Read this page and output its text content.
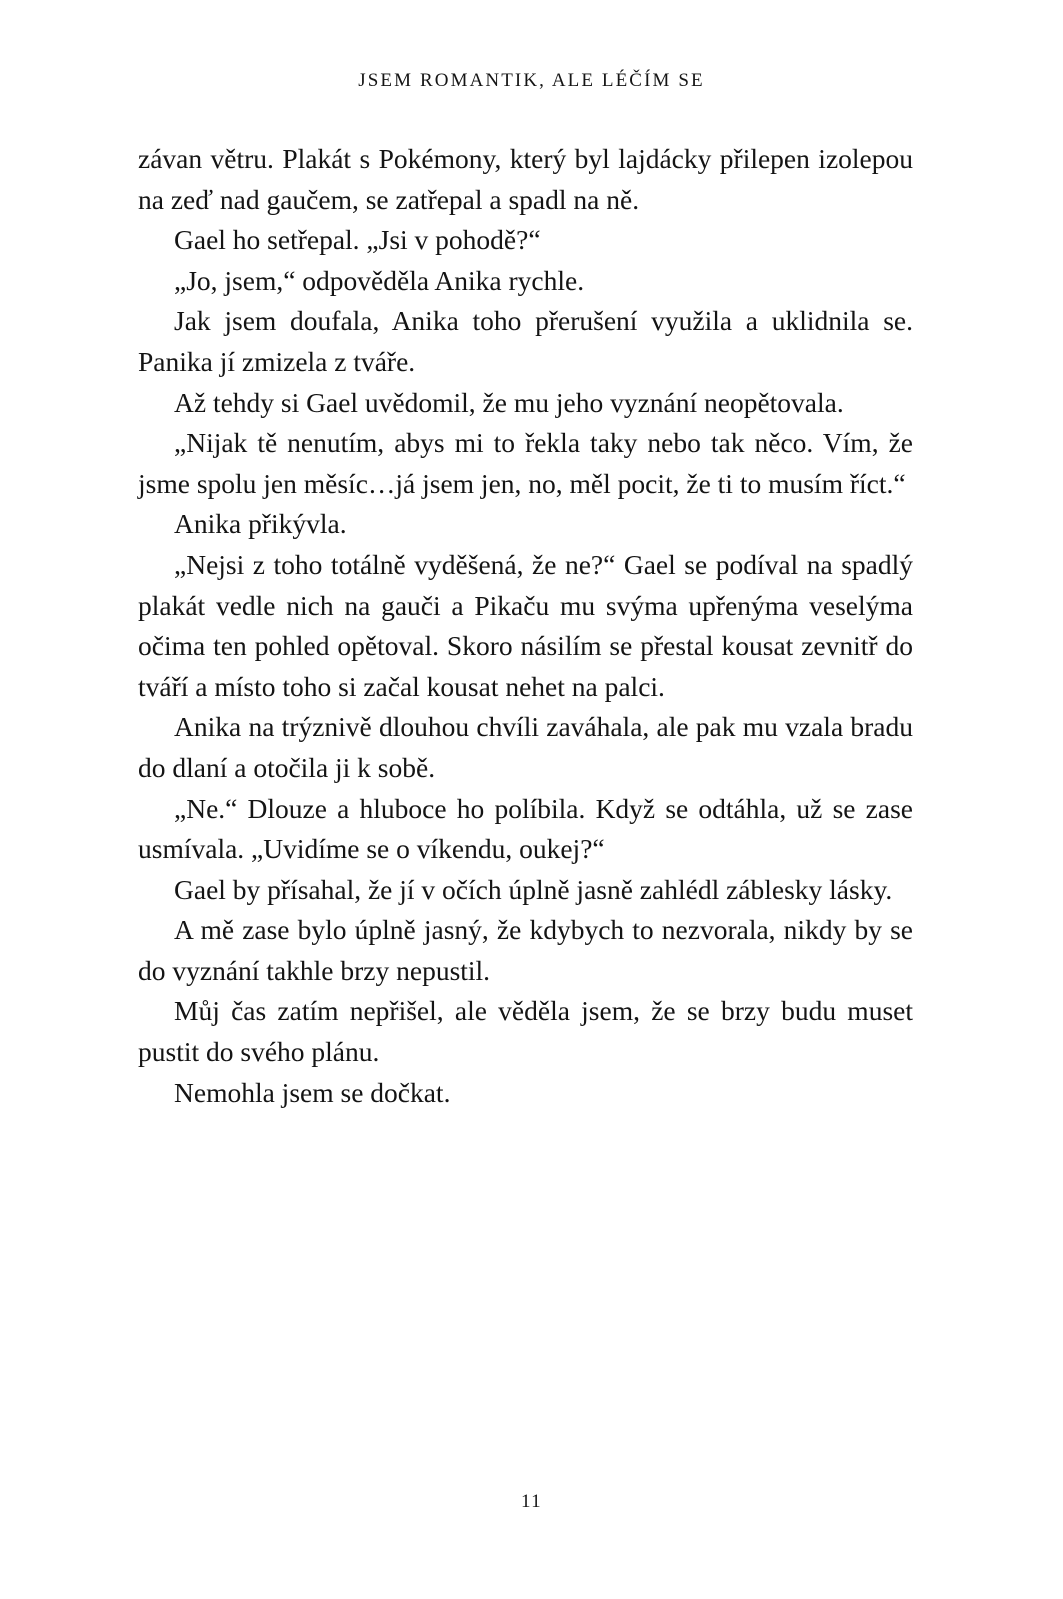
JSEM ROMANTIK, ALE LÉČÍM SE

závan větru. Plakát s Pokémony, který byl lajdácky přilepen izolepou na zeď nad gaučem, se zatřepal a spadl na ně.

Gael ho setřepal. „Jsi v pohodě?“

„Jo, jsem,“ odpověděla Anika rychle.

Jak jsem doufala, Anika toho přerušení využila a uklidnila se. Panika jí zmizela z tváře.

Až tehdy si Gael uvědomil, že mu jeho vyznání neopětovala.

„Nijak tě nenutím, abys mi to řekla taky nebo tak něco. Vím, že jsme spolu jen měsíc…já jsem jen, no, měl pocit, že ti to musím říct.“

Anika přikývla.

„Nejsi z toho totálně vyděšená, že ne?“ Gael se podíval na spadlý plakát vedle nich na gauči a Pikaču mu svýma upřenýma veselýma očima ten pohled opětoval. Skoro násilím se přestal kousat zevnitř do tváří a místo toho si začal kousat nehet na palci.

Anika na trýznivě dlouhou chvíli zaváhala, ale pak mu vzala bradu do dlaní a otočila ji k sobě.

„Ne.“ Dlouze a hluboce ho políbila. Když se odtáhla, už se zase usmívala. „Uvidíme se o víkendu, oukej?“

Gael by přísahal, že jí v očích úplně jasně zahlédl záblesky lásky.

A mě zase bylo úplně jasný, že kdybych to nezvorala, nikdy by se do vyznání takhle brzy nepustil.

Můj čas zatím nepřišel, ale věděla jsem, že se brzy budu muset pustit do svého plánu.

Nemohla jsem se dočkat.

11
